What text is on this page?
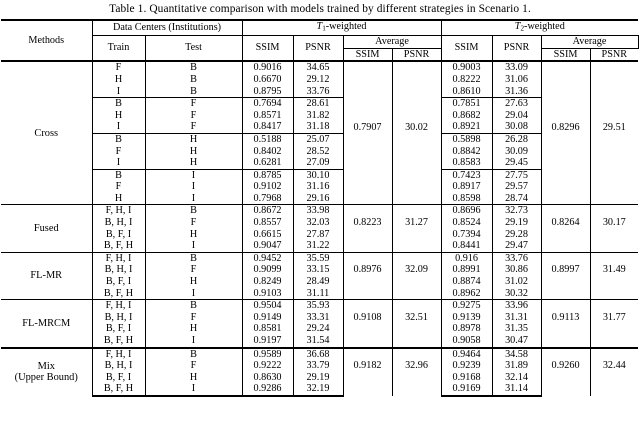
Table 1. Quantitative comparison with models trained by different strategies in Scenario 1.
Methods	Data Centers (Institutions)		$T_1$-weighted				$T_2$-weighted			
	Train	Test	SSIM	PSNR	Average		SSIM	PSNR	Average	
					SSIM	PSNR			SSIM	PSNR

Cross	F	B	0.9016	34.65			0.9003	33.09		
	H	B	0.6670	29.12			0.8222	31.06		
	I	B	0.8795	33.76			0.8610	31.36		
	B	F	0.7694	28.61			0.7851	27.63		
	H	F	0.8571	31.82			0.8682	29.04		
	I	F	0.8417	31.18	0.7907	30.02	0.8921	30.08	0.8296	29.51
	B	H	0.5188	25.07			0.5898	26.28		
	F	H	0.8402	28.52			0.8842	30.09		
	I	H	0.6281	27.09			0.8583	29.45		
	B	I	0.8785	30.10			0.7423	27.75		
	F	I	0.9102	31.16			0.8917	29.57		
	H	I	0.7968	29.16			0.8598	28.74		

Fused	F, H, I	B	0.8672	33.98			0.8696	32.73		
	B, H, I	F	0.8557	32.03	0.8223	31.27	0.8524	29.19	0.8264	30.17
	B, F, I	H	0.6615	27.87			0.7394	29.28		
	B, F, H	I	0.9047	31.22			0.8441	29.47		

FL-MR	F, H, I	B	0.9452	35.59			0.916	33.76		
	B, H, I	F	0.9099	33.15	0.8976	32.09	0.8991	30.86	0.8997	31.49
	B, F, I	H	0.8249	28.49			0.8874	31.02		
	B, F, H	I	0.9103	31.11			0.8962	30.32		

FL-MRCM	F, H, I	B	0.9504	35.93			0.9275	33.96		
	B, H, I	F	0.9149	33.31	0.9108	32.51	0.9139	31.31	0.9113	31.77
	B, F, I	H	0.8581	29.24			0.8978	31.35		
	B, F, H	I	0.9197	31.54			0.9058	30.47		

Mix
(Upper Bound)	F, H, I	B	0.9589	36.68			0.9464	34.58		
	B, H, I	F	0.9222	33.79	0.9182	32.96	0.9239	31.89	0.9260	32.44
	B, F, I	H	0.8630	29.19			0.9168	32.14		
	B, F, H	I	0.9286	32.19			0.9169	31.14		
